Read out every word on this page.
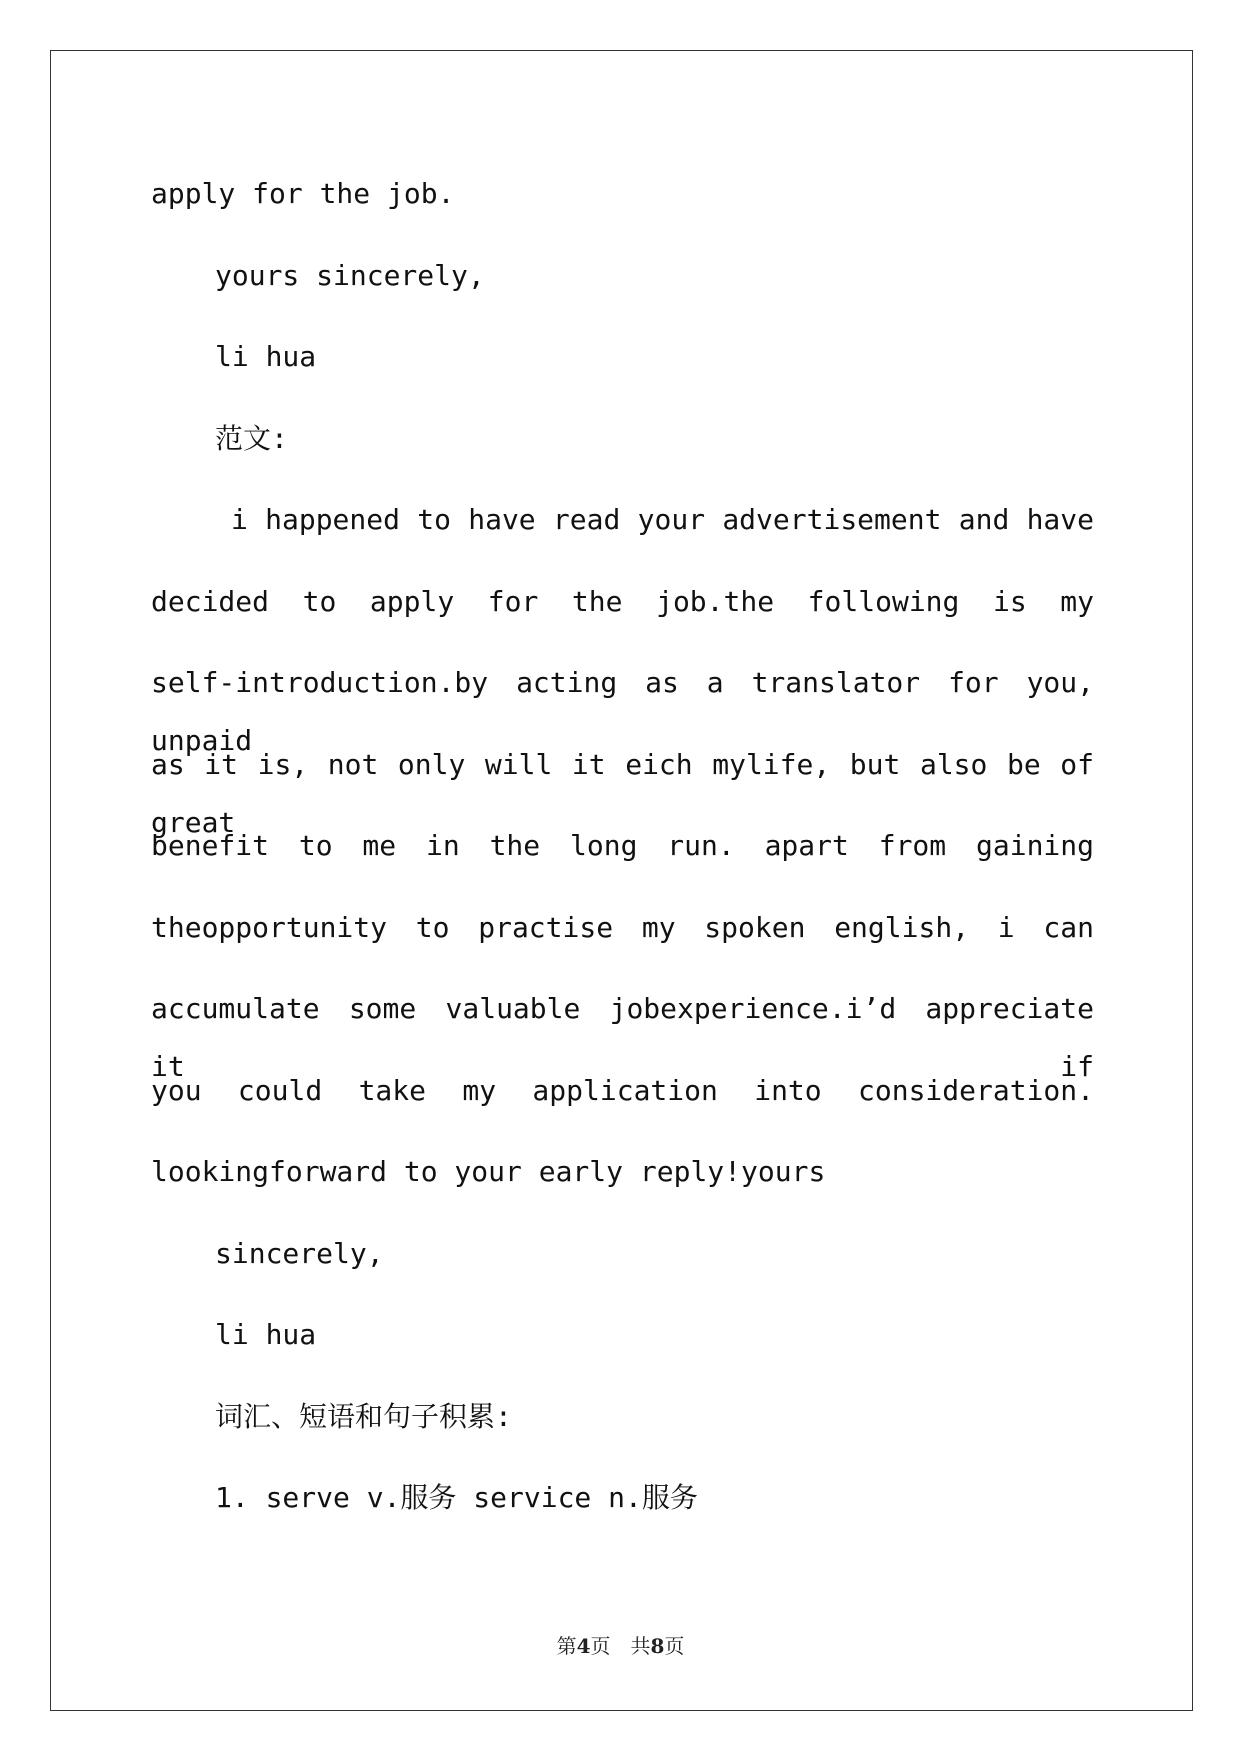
apply for the job.
yours sincerely,
li hua
范文:
i happened to have read your advertisement and have
decided to apply for the job.the following is my
self-introduction.by acting as a translator for you, unpaid
as it is, not only will it eich mylife, but also be of great
benefit to me in the long run. apart from gaining
theopportunity to practise my spoken english, i can
accumulate some valuable jobexperience.i’d appreciate it if
you could take my application into consideration.
lookingforward to your early reply!yours
sincerely,
li hua
词汇、短语和句子积累:
1. serve v.服务 service n.服务
第4页 共8页
